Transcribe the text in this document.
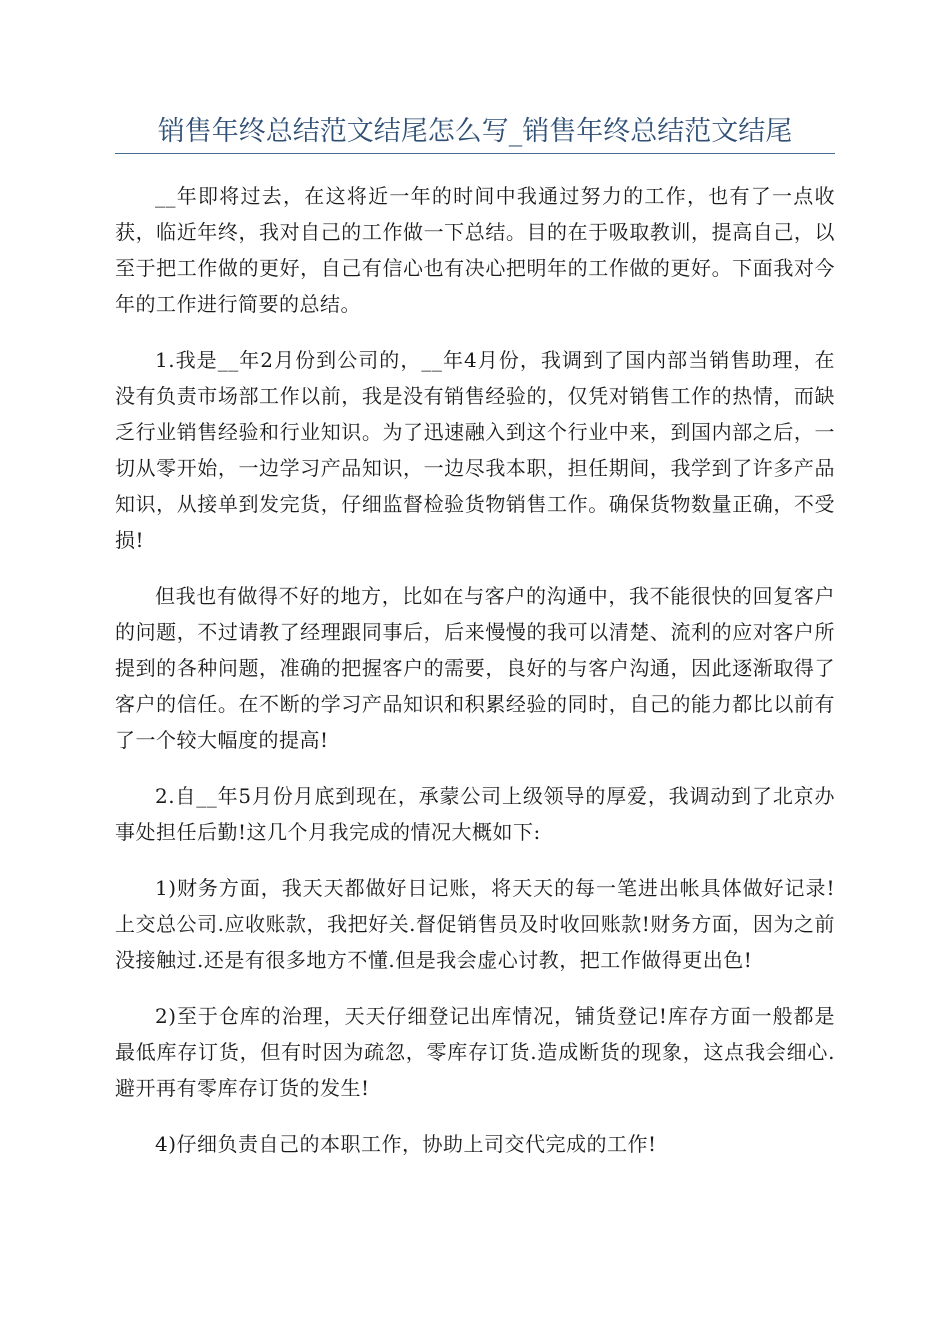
销售年终总结范文结尾怎么写_销售年终总结范文结尾

__年即将过去，在这将近一年的时间中我通过努力的工作，也有了一点收获，临近年终，我对自己的工作做一下总结。目的在于吸取教训，提高自己，以至于把工作做的更好，自己有信心也有决心把明年的工作做的更好。下面我对今年的工作进行简要的总结。

1.我是__年2月份到公司的，__年4月份，我调到了国内部当销售助理，在没有负责市场部工作以前，我是没有销售经验的，仅凭对销售工作的热情，而缺乏行业销售经验和行业知识。为了迅速融入到这个行业中来，到国内部之后，一切从零开始，一边学习产品知识，一边尽我本职，担任期间，我学到了许多产品知识，从接单到发完货，仔细监督检验货物销售工作。确保货物数量正确，不受损!

但我也有做得不好的地方，比如在与客户的沟通中，我不能很快的回复客户的问题，不过请教了经理跟同事后，后来慢慢的我可以清楚、流利的应对客户所提到的各种问题，准确的把握客户的需要，良好的与客户沟通，因此逐渐取得了客户的信任。在不断的学习产品知识和积累经验的同时，自己的能力都比以前有了一个较大幅度的提高!

2.自__年5月份月底到现在，承蒙公司上级领导的厚爱，我调动到了北京办事处担任后勤!这几个月我完成的情况大概如下:

1)财务方面，我天天都做好日记账，将天天的每一笔进出帐具体做好记录!上交总公司.应收账款，我把好关.督促销售员及时收回账款!财务方面，因为之前没接触过.还是有很多地方不懂.但是我会虚心讨教，把工作做得更出色!

2)至于仓库的治理，天天仔细登记出库情况，铺货登记!库存方面一般都是最低库存订货，但有时因为疏忽，零库存订货.造成断货的现象，这点我会细心.避开再有零库存订货的发生!

4)仔细负责自己的本职工作，协助上司交代完成的工作!
